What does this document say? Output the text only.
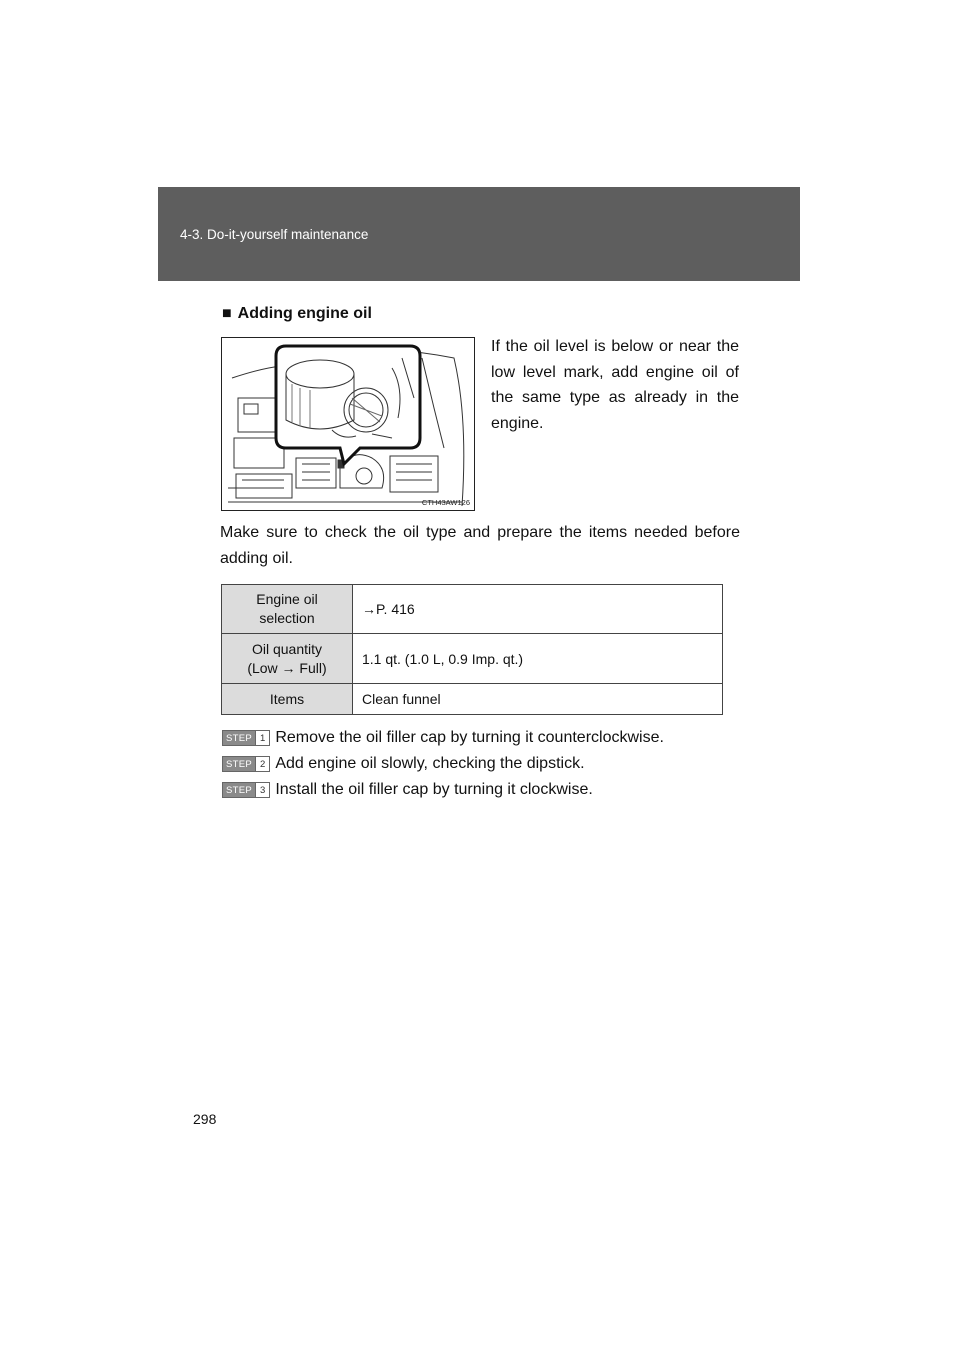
4-3. Do-it-yourself maintenance
■ Adding engine oil
CTH43AW126
If the oil level is below or near the low level mark, add engine oil of the same type as already in the engine.
Make sure to check the oil type and prepare the items needed before adding oil.
Engine oil
selection	→P. 416
Oil quantity
(Low → Full)	1.1 qt. (1.0 L, 0.9 Imp. qt.)
Items	Clean funnel
STEP 1 Remove the oil filler cap by turning it counterclockwise.
STEP 2 Add engine oil slowly, checking the dipstick.
STEP 3 Install the oil filler cap by turning it clockwise.
298
